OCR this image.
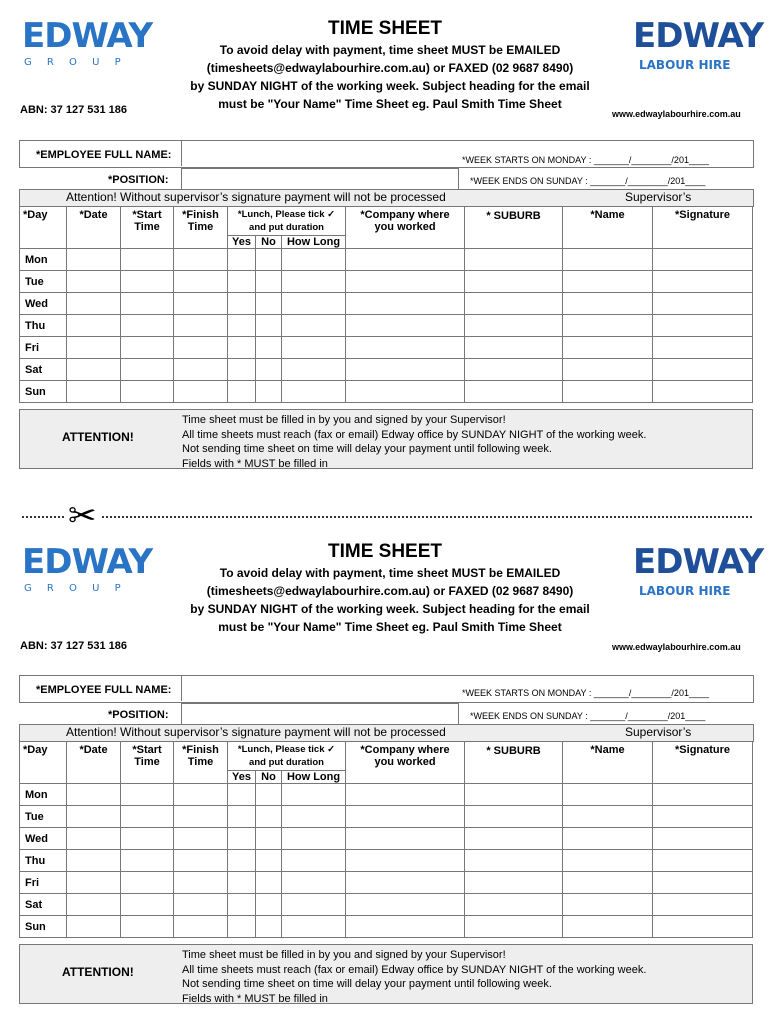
EDWAY
G R O U P
EDWAY
LABOUR HIRE
TIME SHEET
To avoid delay with payment, time sheet MUST be EMAILED
(timesheets@edwaylabourhire.com.au) or FAXED (02 9687 8490)
by SUNDAY NIGHT of the working week. Subject heading for the email
must be "Your Name" Time Sheet eg. Paul Smith Time Sheet
ABN: 37 127 531 186	www.edwaylabourhire.com.au
*EMPLOYEE FULL NAME:	*WEEK STARTS ON MONDAY : _______/________/201____
*POSITION:	*WEEK ENDS ON SUNDAY : _______/________/201____
Attention! Without supervisor’s signature payment will not be processed	Supervisor’s
*Day	*Date	*Start Time	*Finish Time	*Lunch, Please tick ✓ and put duration			*Company where you worked	* SUBURB	*Name	*Signature
				Yes	No	How Long				
Mon										
Tue										
Wed										
Thu										
Fri										
Sat										
Sun										
ATTENTION!
Time sheet must be filled in by you and signed by your Supervisor!
All time sheets must reach (fax or email) Edway office by SUNDAY NIGHT of the working week.
Not sending time sheet on time will delay your payment until following week.
Fields with * MUST be filled in
✂
EDWAY
G R O U P
EDWAY
LABOUR HIRE
TIME SHEET
To avoid delay with payment, time sheet MUST be EMAILED
(timesheets@edwaylabourhire.com.au) or FAXED (02 9687 8490)
by SUNDAY NIGHT of the working week. Subject heading for the email
must be "Your Name" Time Sheet eg. Paul Smith Time Sheet
ABN: 37 127 531 186	www.edwaylabourhire.com.au
*EMPLOYEE FULL NAME:	*WEEK STARTS ON MONDAY : _______/________/201____
*POSITION:	*WEEK ENDS ON SUNDAY : _______/________/201____
Attention! Without supervisor’s signature payment will not be processed	Supervisor’s
*Day	*Date	*Start Time	*Finish Time	*Lunch, Please tick ✓ and put duration			*Company where you worked	* SUBURB	*Name	*Signature
				Yes	No	How Long				
Mon										
Tue										
Wed										
Thu										
Fri										
Sat										
Sun										
ATTENTION!
Time sheet must be filled in by you and signed by your Supervisor!
All time sheets must reach (fax or email) Edway office by SUNDAY NIGHT of the working week.
Not sending time sheet on time will delay your payment until following week.
Fields with * MUST be filled in
